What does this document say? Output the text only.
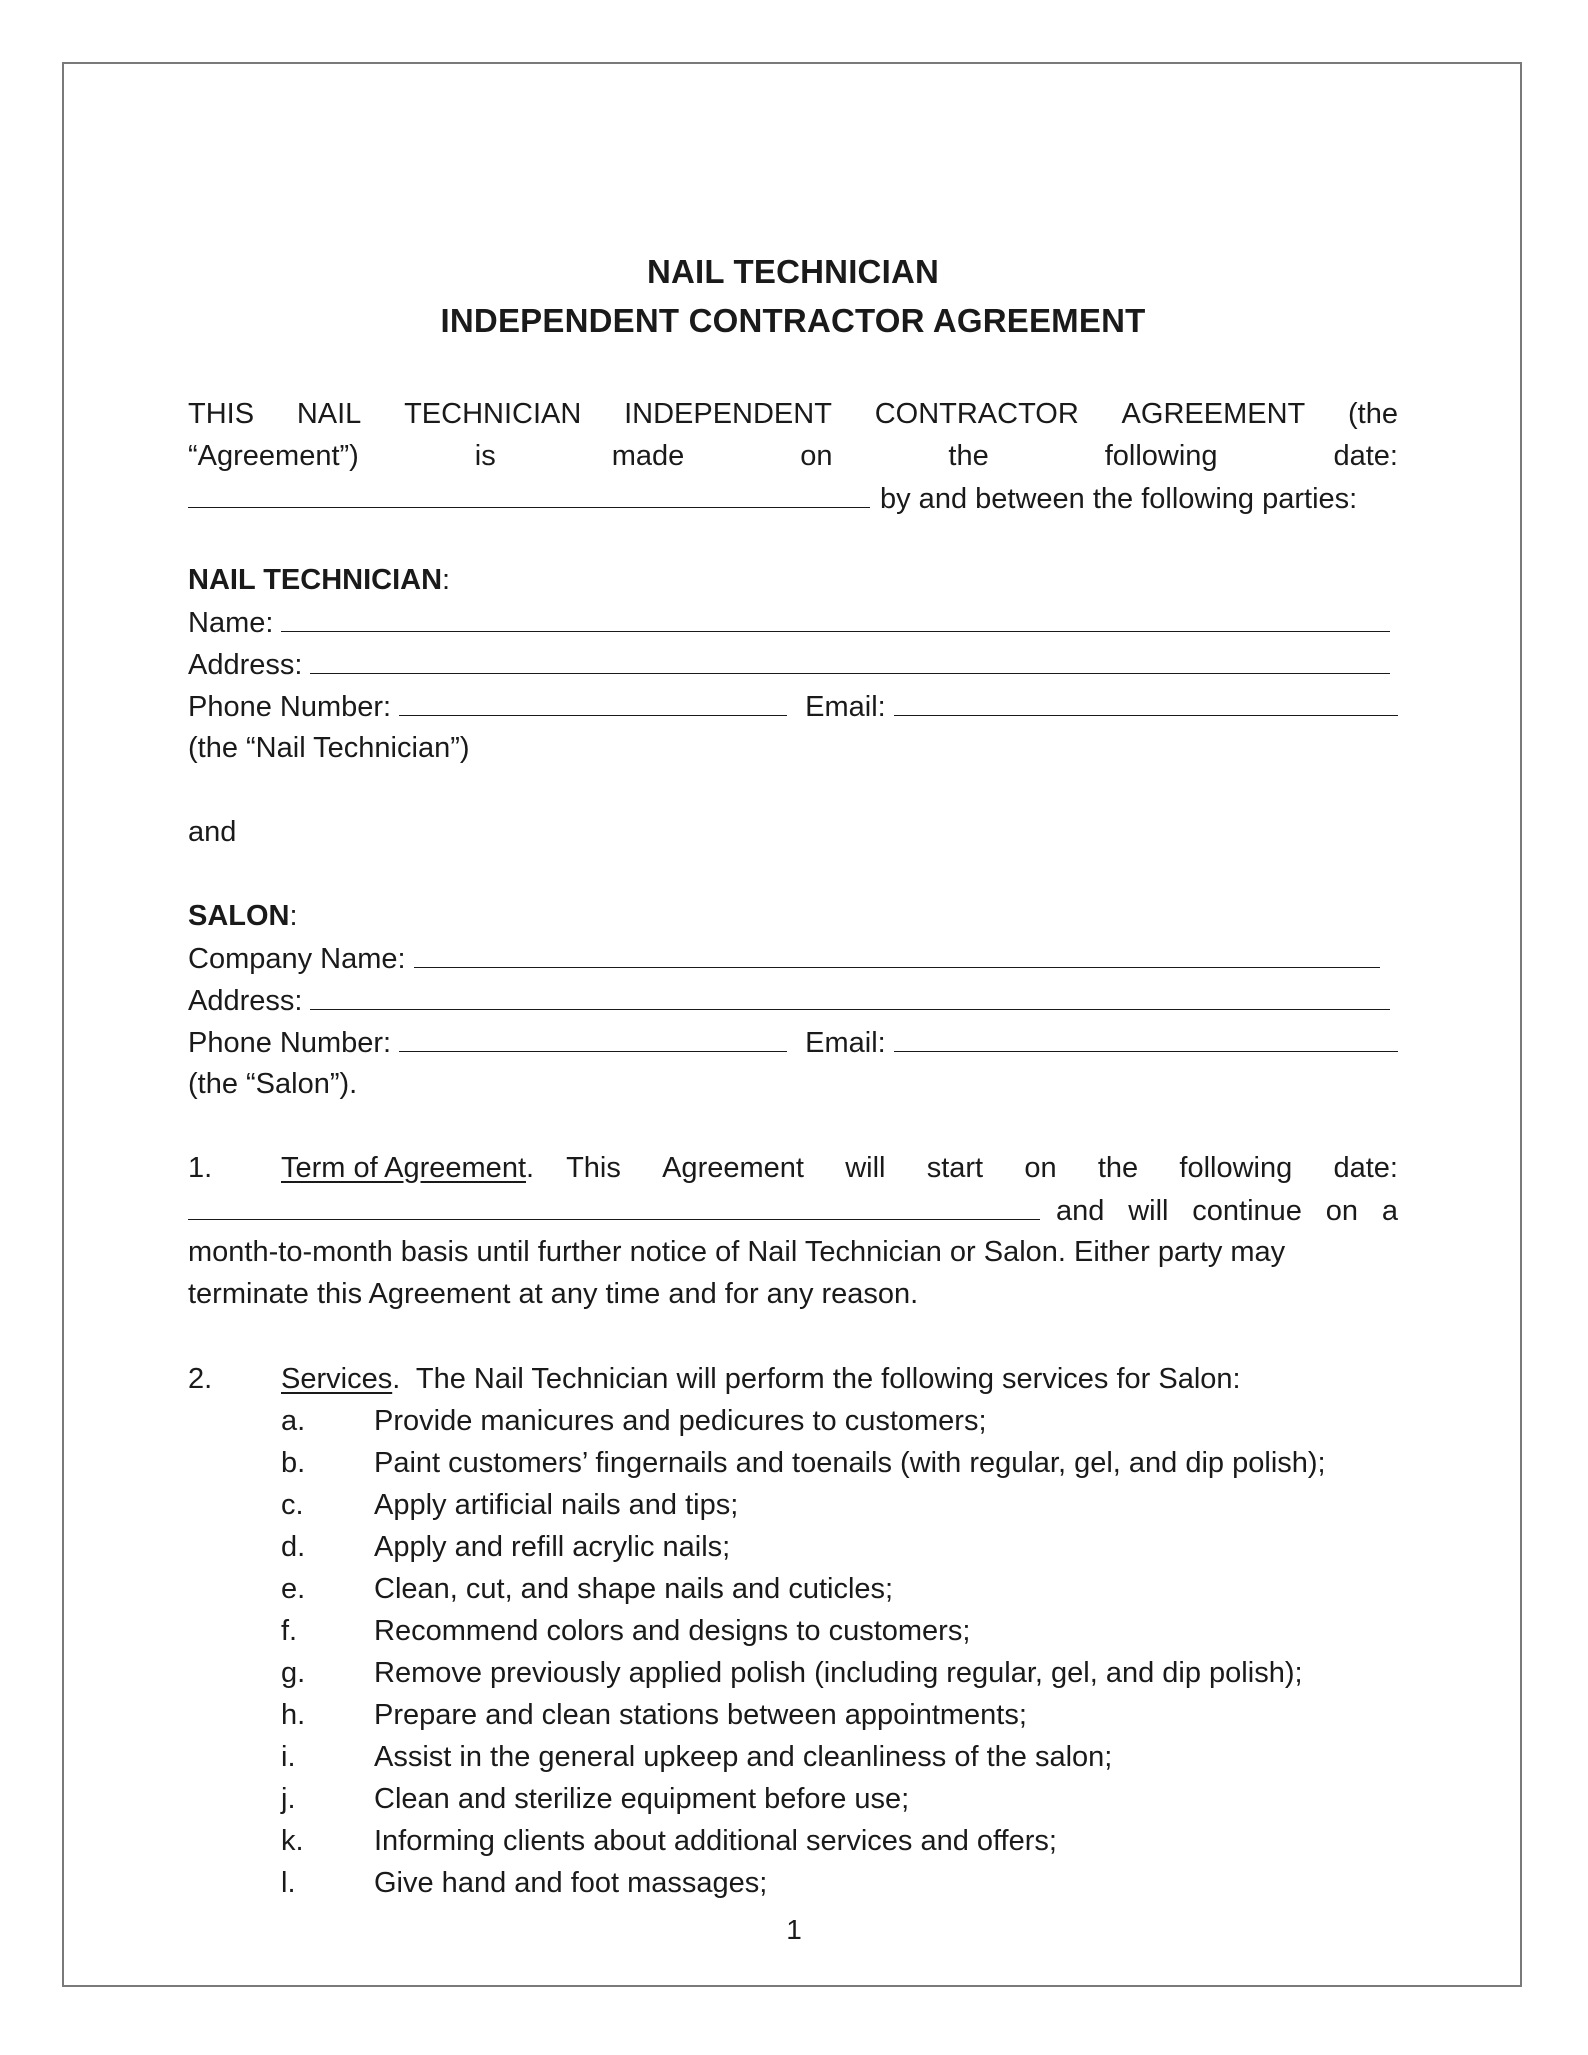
NAIL TECHNICIAN
INDEPENDENT CONTRACTOR AGREEMENT
THIS NAIL TECHNICIAN INDEPENDENT CONTRACTOR AGREEMENT (the
“Agreement”)	is	made	on	the	following	date:
by and between the following parties:
NAIL TECHNICIAN:
Name:
Address:
Phone Number:	Email:
(the “Nail Technician”)
and
SALON:
Company Name:
Address:
Phone Number:	Email:
(the “Salon”).
1.	Term of Agreement . This Agreement will start on the following date:
and will continue on a
month-to-month basis until further notice of Nail Technician or Salon. Either party may
terminate this Agreement at any time and for any reason.
2. Services.  The Nail Technician will perform the following services for Salon:
a. Provide manicures and pedicures to customers;
b. Paint customers’ fingernails and toenails (with regular, gel, and dip polish);
c. Apply artificial nails and tips;
d. Apply and refill acrylic nails;
e. Clean, cut, and shape nails and cuticles;
f.	Recommend colors and designs to customers;
g. Remove previously applied polish (including regular, gel, and dip polish);
h. Prepare and clean stations between appointments;
i.	Assist in the general upkeep and cleanliness of the salon;
j.	Clean and sterilize equipment before use;
k. Informing clients about additional services and offers;
l.	Give hand and foot massages;
1
